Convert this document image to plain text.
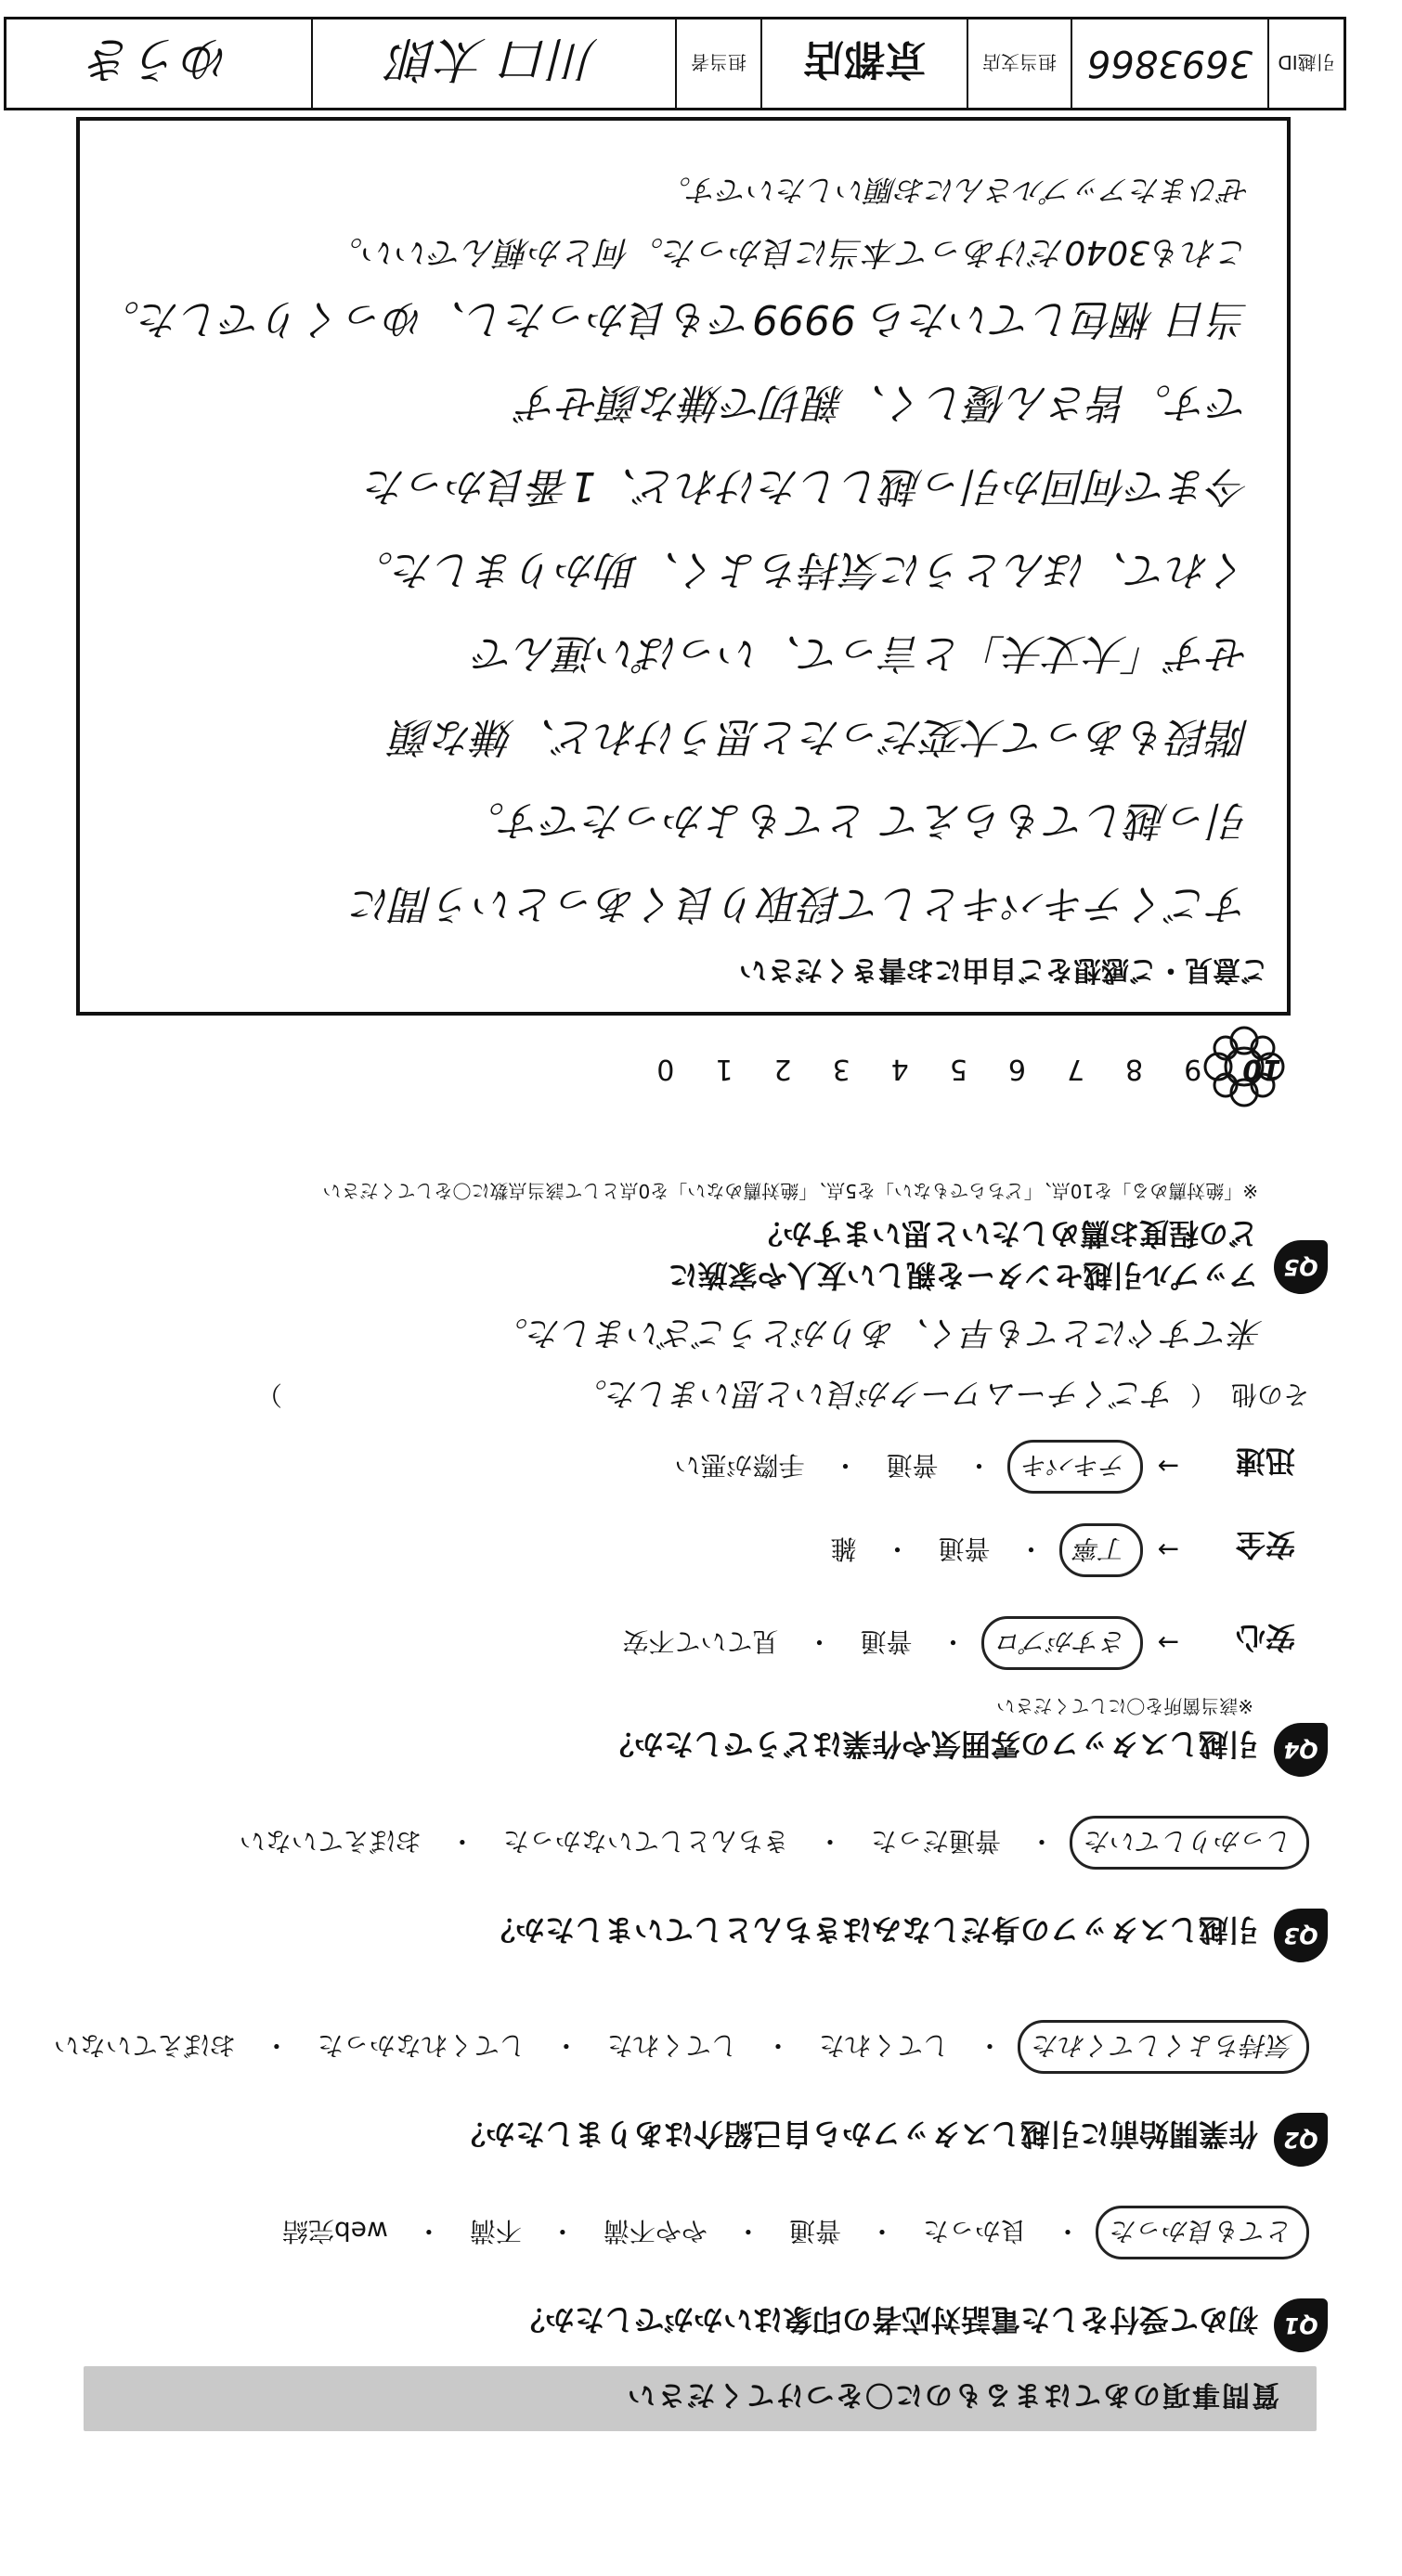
質問事項のあてはまるものに〇をつけてください
Q1
初めて受付をした電話対応者の印象はいかがでしたか？
とても良かった
・
良かった
・
普通
・
やや不満
・
不満
・
web完結
Q2
作業開始前に引越しスタッフから自己紹介はありましたか？
気持ちよくしてくれた
・
してくれた
・
してくれた
・
してくれなかった
・
おぼえていない
Q3
引越しスタッフの身だしなみはきちんとしていましたか？
しっかりしていた
・
普通だった
・
きちんとしていなかった
・
おぼえていない
Q4
引越しスタッフの雰囲気や作業はどうでしたか？
※該当箇所を〇にしてください
安心
→
さすがプロ
・
普通
・
見ていて不安
安全
→
丁寧
・
普通
・
雑
迅速
→
テキパキ
・
普通
・
手際が悪い
その他
（
すごくチームワークが良いと思いました。
）
来てすぐにとても早く、ありがとうございました。
Q5
アップル引越センターを親しい友人や家族に
どの程度お薦めしたいと思いますか？
※「絶対薦める」を10点、「どちらでもない」を5点、「絶対薦めない」を0点として該当点数に〇をしてください
10
9
8
7
6
5
4
3
2
1
0
ご意見・ご感想をご自由にお書きください
すごくテキパキとして段取り良くあっという間に
引っ越してもらえて とてもよかったです。
階段もあって大変だったと思うけれど、嫌な顔
せず「大丈夫」と言って、いっぱい運んで
くれて、ほんとうに気持ちよく、助かりました。
今まで何回か引っ越ししたけれど、1番良かった
です。皆さん優しく、親切で嫌な顔せず
当日 梱包していたら 9999でも良かったし、ゆっくりでした。
これも3040だけあって本当に良かった。何とか頼んでいい。
ぜひまたアップルさんにお願いしたいです。
引越ID
3693866
担当支店
京都店
担当者
川口 太郎
ゆうき
